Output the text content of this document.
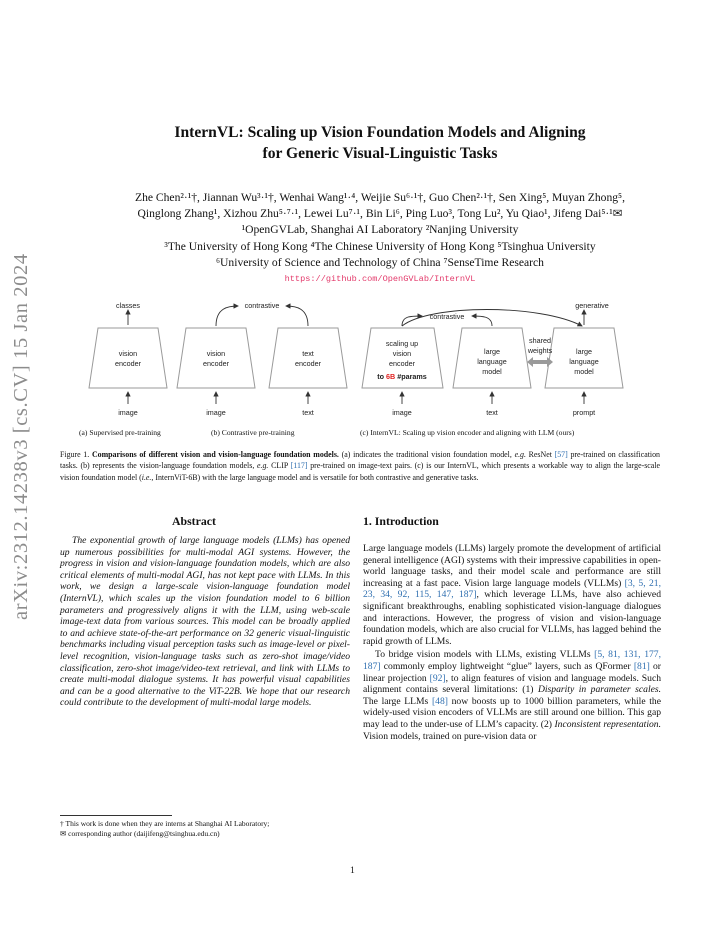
arXiv:2312.14238v3 [cs.CV] 15 Jan 2024
InternVL: Scaling up Vision Foundation Models and Aligning
for Generic Visual-Linguistic Tasks
Zhe Chen²·¹†, Jiannan Wu³·¹†, Wenhai Wang¹·⁴, Weijie Su⁶·¹†, Guo Chen²·¹†, Sen Xing⁵, Muyan Zhong⁵,
Qinglong Zhang¹, Xizhou Zhu⁵·⁷·¹, Lewei Lu⁷·¹, Bin Li⁶, Ping Luo³, Tong Lu², Yu Qiao¹, Jifeng Dai⁵·¹✉
¹OpenGVLab, Shanghai AI Laboratory ²Nanjing University
³The University of Hong Kong ⁴The Chinese University of Hong Kong ⁵Tsinghua University
⁶University of Science and Technology of China ⁷SenseTime Research
https://github.com/OpenGVLab/InternVL
classes
vision
encoder
image
contrastive
vision
encoder
text
encoder
image	text
contrastive
generative
scaling up
vision
encoder
to 6B #params
large
language
model
shared
weights	large
language
model
image	text	prompt
(a) Supervised pre-training	(b) Contrastive pre-training	(c) InternVL: Scaling up vision encoder and aligning with LLM (ours)
Figure 1. Comparisons of different vision and vision-language foundation models. (a) indicates the traditional vision foundation model, e.g. ResNet [57] pre-trained on classification tasks. (b) represents the vision-language foundation models, e.g. CLIP [117] pre-trained on image-text pairs. (c) is our InternVL, which presents a workable way to align the large-scale vision foundation model (i.e., InternViT-6B) with the large language model and is versatile for both contrastive and generative tasks.
Abstract

The exponential growth of large language models (LLMs) has opened up numerous possibilities for multi-modal AGI systems. However, the progress in vision and vision-language foundation models, which are also critical elements of multi-modal AGI, has not kept pace with LLMs. In this work, we design a large-scale vision-language foundation model (InternVL), which scales up the vision foundation model to 6 billion parameters and progressively aligns it with the LLM, using web-scale image-text data from various sources. This model can be broadly applied to and achieve state-of-the-art performance on 32 generic visual-linguistic benchmarks including visual perception tasks such as image-level or pixel-level recognition, vision-language tasks such as zero-shot image/video classification, zero-shot image/video-text retrieval, and link with LLMs to create multi-modal dialogue systems. It has powerful visual capabilities and can be a good alternative to the ViT-22B. We hope that our research could contribute to the development of multi-modal large models.

† This work is done when they are interns at Shanghai AI Laboratory;
✉ corresponding author (daijifeng@tsinghua.edu.cn)
1. Introduction

Large language models (LLMs) largely promote the development of artificial general intelligence (AGI) systems with their impressive capabilities in open-world language tasks, and their model scale and performance are still increasing at a fast pace. Vision large language models (VLLMs) [3, 5, 21, 23, 34, 92, 115, 147, 187], which leverage LLMs, have also achieved significant breakthroughs, enabling sophisticated vision-language dialogues and interactions. However, the progress of vision and vision-language foundation models, which are also crucial for VLLMs, has lagged behind the rapid growth of LLMs.

To bridge vision models with LLMs, existing VLLMs [5, 81, 131, 177, 187] commonly employ lightweight “glue” layers, such as QFormer [81] or linear projection [92], to align features of vision and language models. Such alignment contains several limitations: (1) Disparity in parameter scales. The large LLMs [48] now boosts up to 1000 billion parameters, while the widely-used vision encoders of VLLMs are still around one billion. This gap may lead to the under-use of LLM’s capacity. (2) Inconsistent representation. Vision models, trained on pure-vision data or

1
